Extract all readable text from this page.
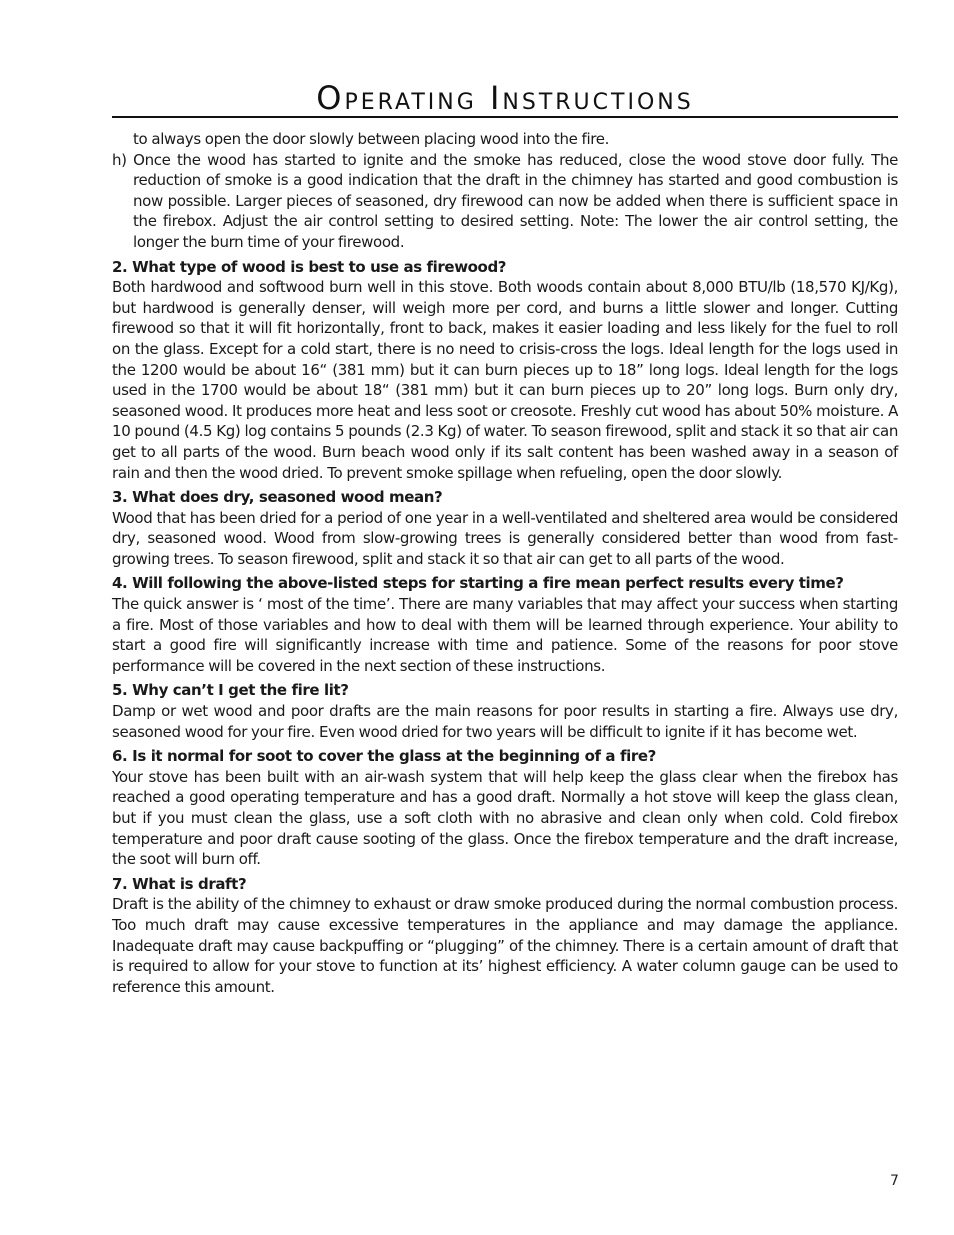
Operating Instructions

to always open the door slowly between placing wood into the fire.

h) Once the wood has started to ignite and the smoke has reduced, close the wood stove door fully. The reduction of smoke is a good indication that the draft in the chimney has started and good combustion is now possible. Larger pieces of seasoned, dry firewood can now be added when there is sufficient space in the firebox. Adjust the air control setting to desired setting. Note: The lower the air control setting, the longer the burn time of your firewood.

2. What type of wood is best to use as firewood?

Both hardwood and softwood burn well in this stove. Both woods contain about 8,000 BTU/lb (18,570 KJ/Kg), but hardwood is generally denser, will weigh more per cord, and burns a little slower and longer. Cutting firewood so that it will fit horizontally, front to back, makes it easier loading and less likely for the fuel to roll on the glass. Except for a cold start, there is no need to crisis-cross the logs. Ideal length for the logs used in the 1200 would be about 16“ (381 mm) but it can burn pieces up to 18” long logs. Ideal length for the logs used in the 1700 would be about 18“ (381 mm) but it can burn pieces up to 20” long logs. Burn only dry, seasoned wood. It produces more heat and less soot or creosote. Freshly cut wood has about 50% moisture. A 10 pound (4.5 Kg) log contains 5 pounds (2.3 Kg) of water. To season firewood, split and stack it so that air can get to all parts of the wood. Burn beach wood only if its salt content has been washed away in a season of rain and then the wood dried. To prevent smoke spillage when refueling, open the door slowly.

3. What does dry, seasoned wood mean?

Wood that has been dried for a period of one year in a well-ventilated and sheltered area would be considered dry, seasoned wood. Wood from slow-growing trees is generally considered better than wood from fast-growing trees. To season firewood, split and stack it so that air can get to all parts of the wood.

4. Will following the above-listed steps for starting a fire mean perfect results every time?

The quick answer is ‘ most of the time’. There are many variables that may affect your success when starting a fire. Most of those variables and how to deal with them will be learned through experience. Your ability to start a good fire will significantly increase with time and patience. Some of the reasons for poor stove performance will be covered in the next section of these instructions.

5. Why can’t I get the fire lit?

Damp or wet wood and poor drafts are the main reasons for poor results in starting a fire. Always use dry, seasoned wood for your fire. Even wood dried for two years will be difficult to ignite if it has become wet.

6. Is it normal for soot to cover the glass at the beginning of a fire?

Your stove has been built with an air-wash system that will help keep the glass clear when the firebox has reached a good operating temperature and has a good draft. Normally a hot stove will keep the glass clean, but if you must clean the glass, use a soft cloth with no abrasive and clean only when cold. Cold firebox temperature and poor draft cause sooting of the glass. Once the firebox temperature and the draft increase, the soot will burn off.

7. What is draft?

Draft is the ability of the chimney to exhaust or draw smoke produced during the normal combustion process. Too much draft may cause excessive temperatures in the appliance and may damage the appliance. Inadequate draft may cause backpuffing or “plugging” of the chimney. There is a certain amount of draft that is required to allow for your stove to function at its’ highest efficiency. A water column gauge can be used to reference this amount.

7
